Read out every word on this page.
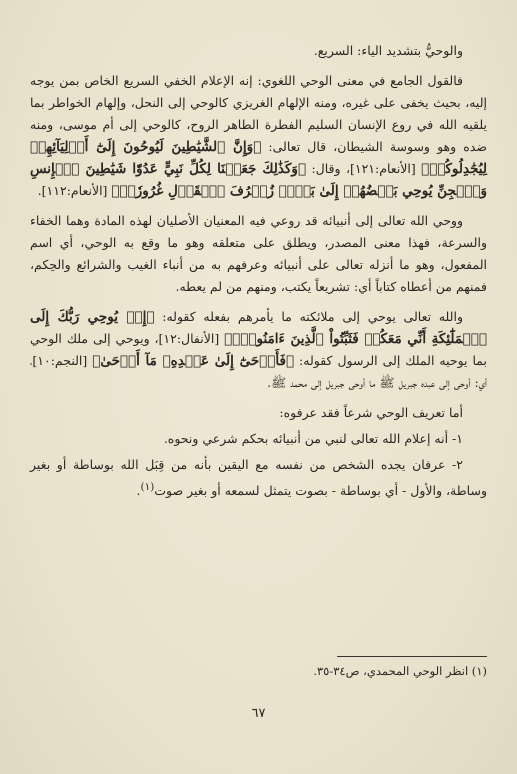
والوحيُّ بتشديد الياء: السريع.

فالقول الجامع في معنى الوحي اللغوي: إنه الإعلام الخفي السريع الخاص بمن يوجه إليه، بحيث يخفى على غيره، ومنه الإلهام الغريزي كالوحي إلى النحل، وإلهام الخواطر بما يلقيه الله في روع الإنسان السليم الفطرة الطاهر الروح، كالوحي إلى أم موسى، ومنه ضده وهو وسوسة الشيطان، قال تعالى: ﴿وَإِنَّ ٱلشَّيَٰطِينَ لَيُوحُونَ إِلَىٰٓ أَوۡلِيَآئِهِمۡ لِيُجَٰدِلُوكُمۡ﴾ [الأنعام:١٢١]، وقال: ﴿وَكَذَٰلِكَ جَعَلۡنَا لِكُلِّ نَبِيٍّ عَدُوّٗا شَيَٰطِينَ ٱلۡإِنسِ وَٱلۡجِنِّ يُوحِي بَعۡضُهُمۡ إِلَىٰ بَعۡضٖ زُخۡرُفَ ٱلۡقَوۡلِ غُرُورٗاۚ﴾ [الأنعام:١١٢].

ووحي الله تعالى إلى أنبيائه قد روعي فيه المعنيان الأصليان لهذه المادة وهما الخفاء والسرعة، فهذا معنى المصدر، ويطلق على متعلقه وهو ما وقع به الوحي، أي اسم المفعول، وهو ما أنزله تعالى على أنبيائه وعرفهم به من أنباء الغيب والشرائع والحِكم، فمنهم من أعطاه كتاباً أي: تشريعاً يكتب، ومنهم من لم يعطه.

والله تعالى يوحي إلى ملائكته ما يأمرهم بفعله كقوله: ﴿إِذۡ يُوحِي رَبُّكَ إِلَى ٱلۡمَلَٰٓئِكَةِ أَنِّي مَعَكُمۡ فَثَبِّتُواْ ٱلَّذِينَ ءَامَنُواْۚ﴾ [الأنفال:١٢]، ويوحي إلى ملك الوحي بما يوحيه الملك إلى الرسول كقوله: ﴿فَأَوۡحَىٰٓ إِلَىٰ عَبۡدِهِۦ مَآ أَوۡحَىٰ﴾ [النجم:١٠]، أي: أوحى إلى عبده جبريل ﷺ ما أوحى جبريل إلى محمد ﷺ.

أما تعريف الوحي شرعاً فقد عرفوه:

١- أنه إعلام الله تعالى لنبي من أنبيائه بحكم شرعي ونحوه.

٢- عرفان يجده الشخص من نفسه مع اليقين بأنه من قِبَل الله بوساطة أو بغير وساطة، والأول - أي بوساطة - بصوت يتمثل لسمعه أو بغير صوت$^{(١)}$.

(١) انظر الوحي المحمدي، ص٣٤-٣٥.
٦٧
